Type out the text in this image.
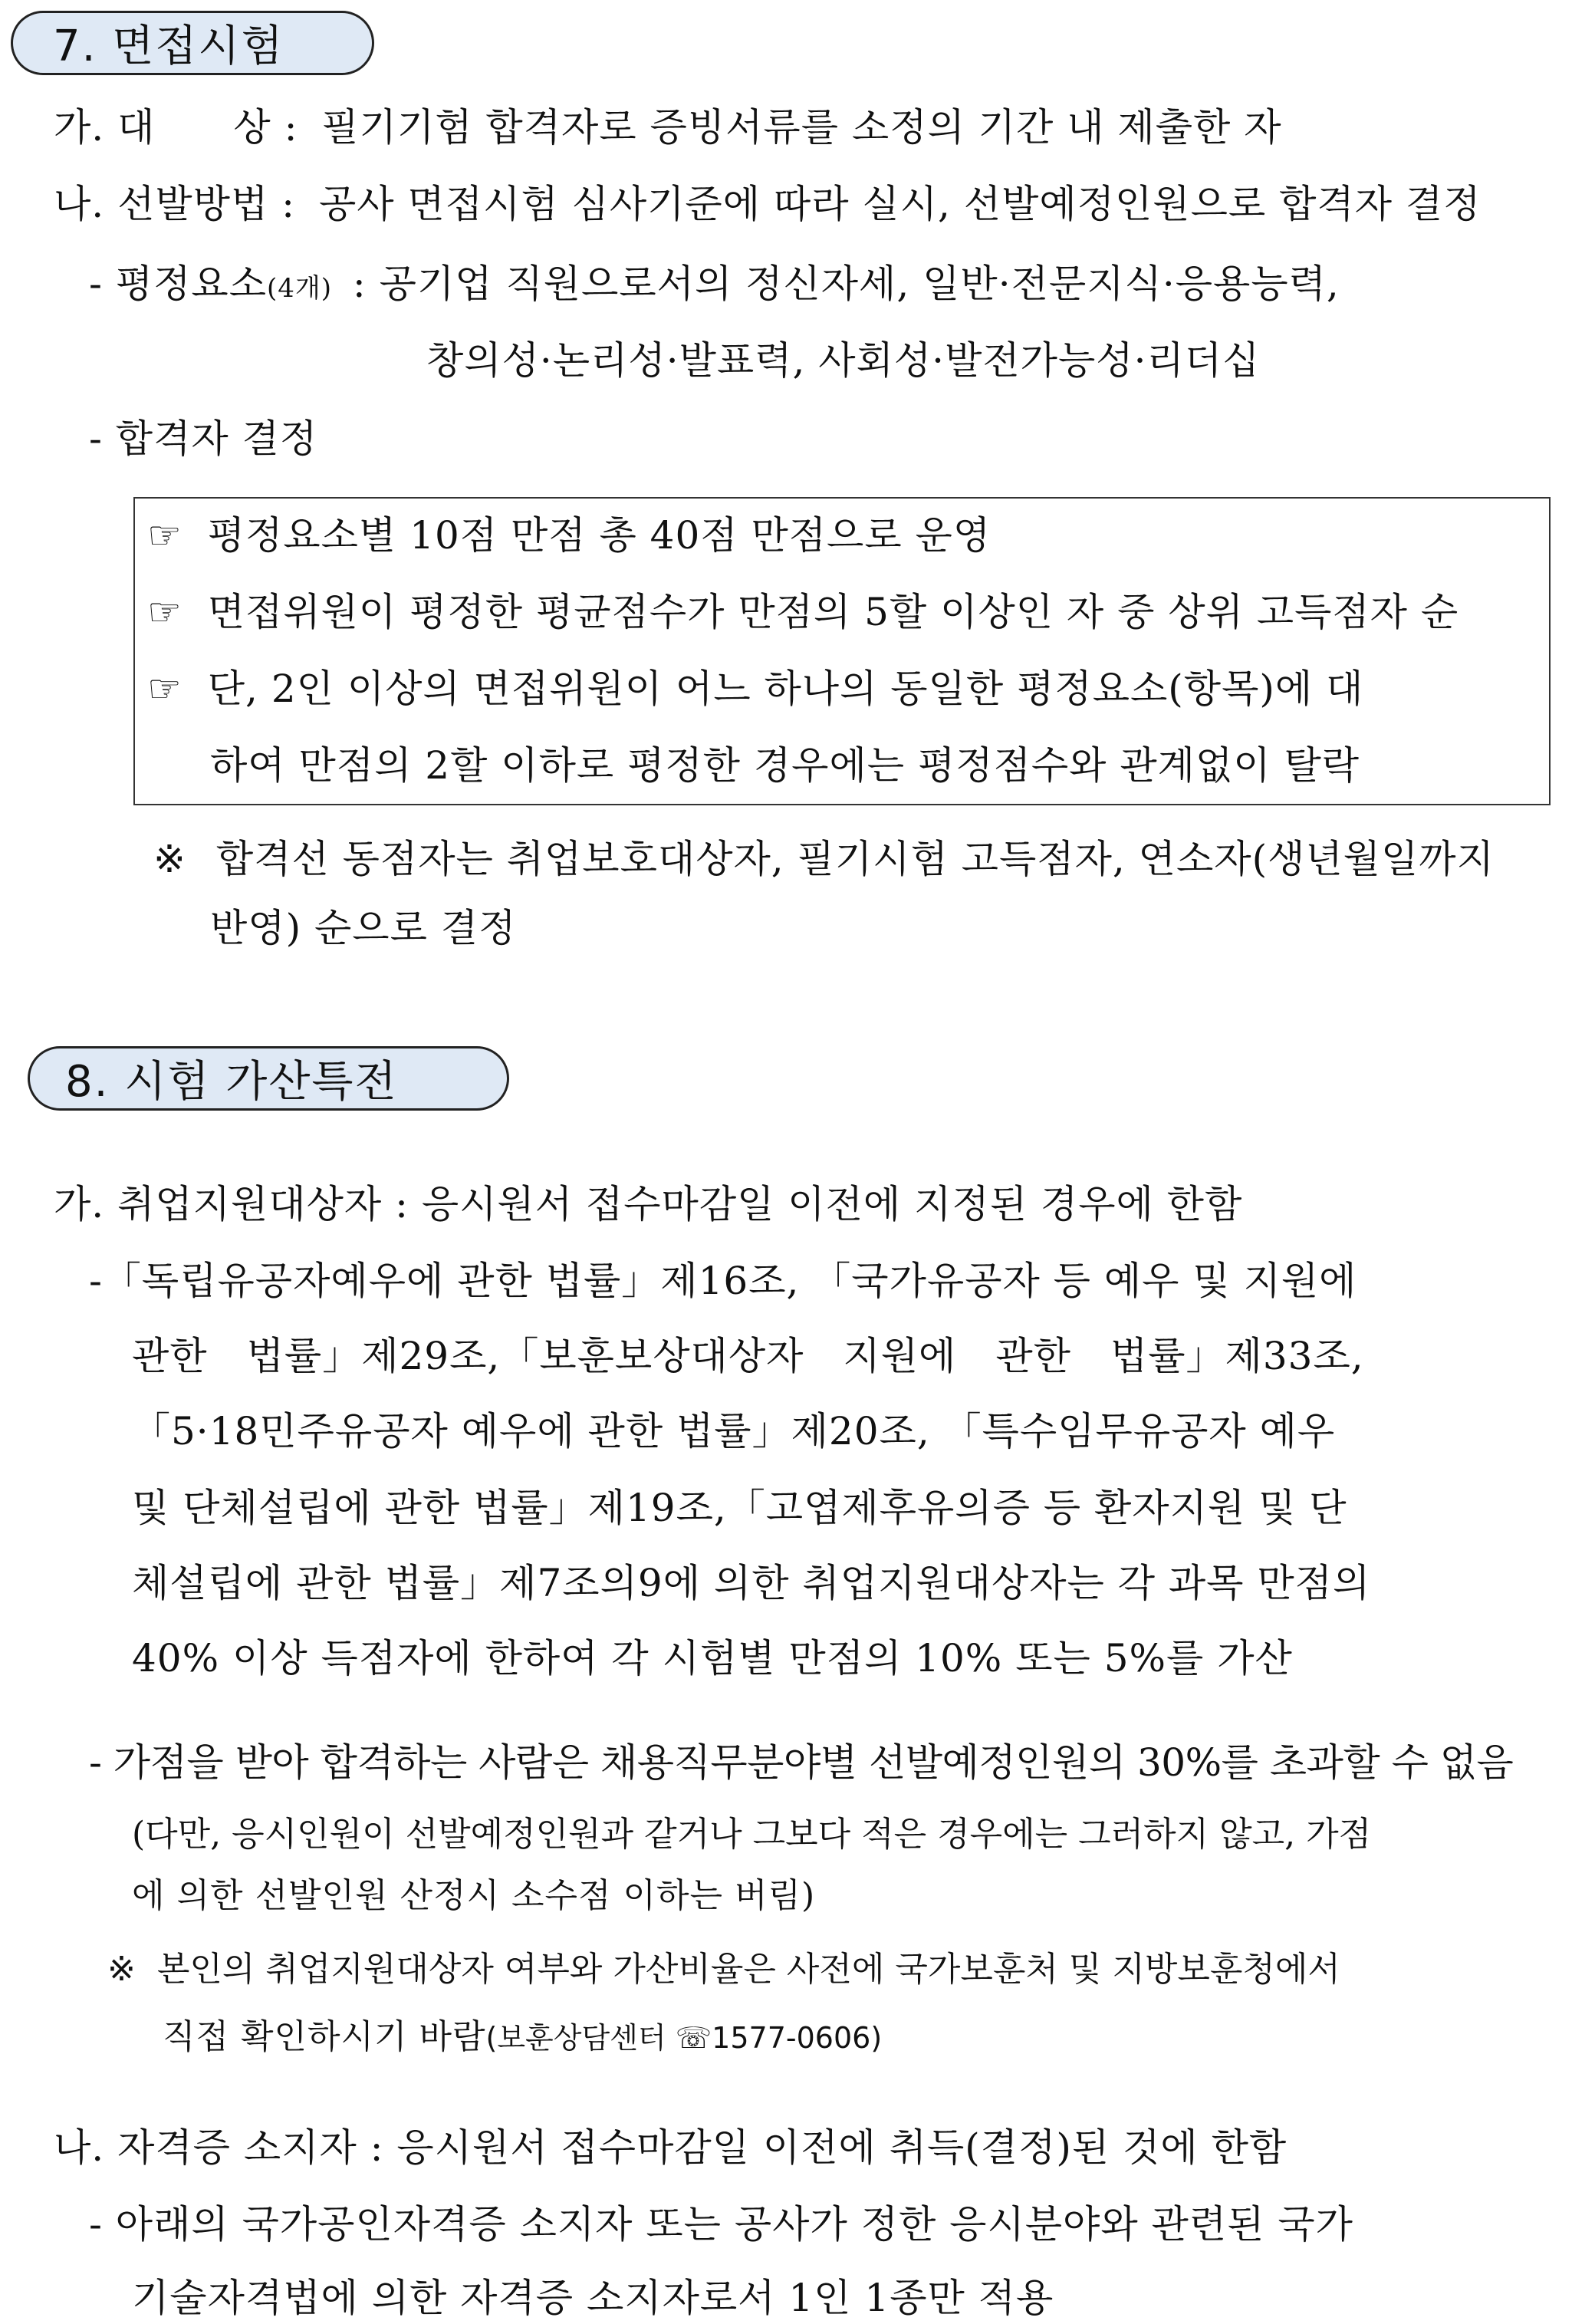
7. 면접시험
가. 대　　상 : 필기기험 합격자로 증빙서류를 소정의 기간 내 제출한 자
나. 선발방법 : 공사 면접시험 심사기준에 따라 실시, 선발예정인원으로 합격자 결정
- 평정요소(4개) : 공기업 직원으로서의 정신자세, 일반·전문지식·응용능력,
창의성·논리성·발표력, 사회성·발전가능성·리더십
- 합격자 결정
☞ 평정요소별 10점 만점 총 40점 만점으로 운영
☞ 면접위원이 평정한 평균점수가 만점의 5할 이상인 자 중 상위 고득점자 순
☞ 단, 2인 이상의 면접위원이 어느 하나의 동일한 평정요소(항목)에 대
하여 만점의 2할 이하로 평정한 경우에는 평정점수와 관계없이 탈락
※ 합격선 동점자는 취업보호대상자, 필기시험 고득점자, 연소자(생년월일까지
반영) 순으로 결정
8. 시험 가산특전
가. 취업지원대상자 : 응시원서 접수마감일 이전에 지정된 경우에 한함
-「독립유공자예우에 관한 법률」제16조, 「국가유공자 등 예우 및 지원에
관한　법률」제29조,「보훈보상대상자　지원에　관한　법률」제33조,
「5·18민주유공자 예우에 관한 법률」제20조, 「특수임무유공자 예우
및 단체설립에 관한 법률」제19조,「고엽제후유의증 등 환자지원 및 단
체설립에 관한 법률」제7조의9에 의한 취업지원대상자는 각 과목 만점의
40% 이상 득점자에 한하여 각 시험별 만점의 10% 또는 5%를 가산
- 가점을 받아 합격하는 사람은 채용직무분야별 선발예정인원의 30%를 초과할 수 없음
(다만, 응시인원이 선발예정인원과 같거나 그보다 적은 경우에는 그러하지 않고, 가점
에 의한 선발인원 산정시 소수점 이하는 버림)
※ 본인의 취업지원대상자 여부와 가산비율은 사전에 국가보훈처 및 지방보훈청에서
직접 확인하시기 바람(보훈상담센터 ☏1577-0606)
나. 자격증 소지자 : 응시원서 접수마감일 이전에 취득(결정)된 것에 한함
- 아래의 국가공인자격증 소지자 또는 공사가 정한 응시분야와 관련된 국가
기술자격법에 의한 자격증 소지자로서 1인 1종만 적용
